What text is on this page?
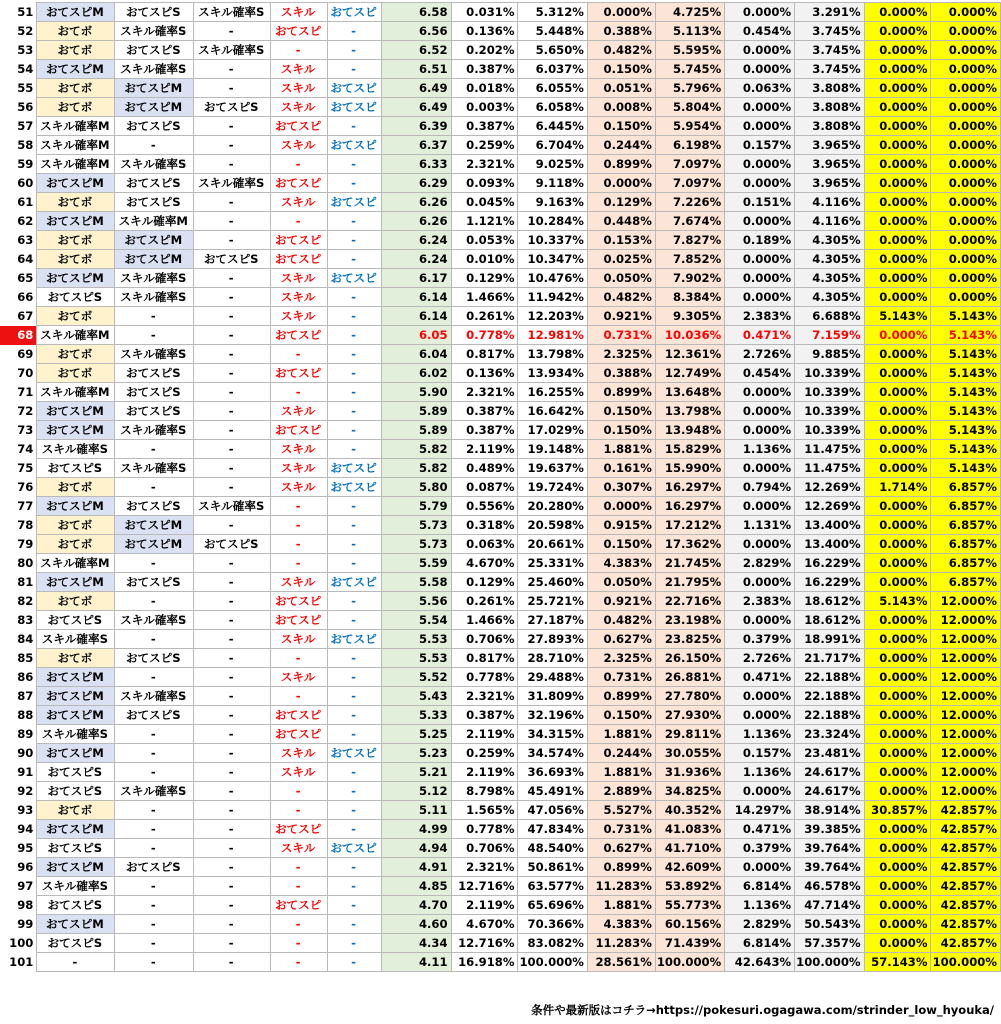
51	おてスピM	おてスピS	スキル確率S	スキル	おてスピ	6.58	0.031%	5.312%	0.000%	4.725%	0.000%	3.291%	0.000%	0.000%
52	おてボ	スキル確率S	-	おてスピ	-	6.56	0.136%	5.448%	0.388%	5.113%	0.454%	3.745%	0.000%	0.000%
53	おてボ	おてスピS	スキル確率S	-	-	6.52	0.202%	5.650%	0.482%	5.595%	0.000%	3.745%	0.000%	0.000%
54	おてスピM	スキル確率S	-	スキル	-	6.51	0.387%	6.037%	0.150%	5.745%	0.000%	3.745%	0.000%	0.000%
55	おてボ	おてスピM	-	スキル	おてスピ	6.49	0.018%	6.055%	0.051%	5.796%	0.063%	3.808%	0.000%	0.000%
56	おてボ	おてスピM	おてスピS	スキル	おてスピ	6.49	0.003%	6.058%	0.008%	5.804%	0.000%	3.808%	0.000%	0.000%
57	スキル確率M	おてスピS	-	おてスピ	-	6.39	0.387%	6.445%	0.150%	5.954%	0.000%	3.808%	0.000%	0.000%
58	スキル確率M	-	-	スキル	おてスピ	6.37	0.259%	6.704%	0.244%	6.198%	0.157%	3.965%	0.000%	0.000%
59	スキル確率M	スキル確率S	-	-	-	6.33	2.321%	9.025%	0.899%	7.097%	0.000%	3.965%	0.000%	0.000%
60	おてスピM	おてスピS	スキル確率S	おてスピ	-	6.29	0.093%	9.118%	0.000%	7.097%	0.000%	3.965%	0.000%	0.000%
61	おてボ	おてスピS	-	スキル	おてスピ	6.26	0.045%	9.163%	0.129%	7.226%	0.151%	4.116%	0.000%	0.000%
62	おてスピM	スキル確率M	-	-	-	6.26	1.121%	10.284%	0.448%	7.674%	0.000%	4.116%	0.000%	0.000%
63	おてボ	おてスピM	-	おてスピ	-	6.24	0.053%	10.337%	0.153%	7.827%	0.189%	4.305%	0.000%	0.000%
64	おてボ	おてスピM	おてスピS	おてスピ	-	6.24	0.010%	10.347%	0.025%	7.852%	0.000%	4.305%	0.000%	0.000%
65	おてスピM	スキル確率S	-	スキル	おてスピ	6.17	0.129%	10.476%	0.050%	7.902%	0.000%	4.305%	0.000%	0.000%
66	おてスピS	スキル確率S	-	スキル	-	6.14	1.466%	11.942%	0.482%	8.384%	0.000%	4.305%	0.000%	0.000%
67	おてボ	-	-	スキル	-	6.14	0.261%	12.203%	0.921%	9.305%	2.383%	6.688%	5.143%	5.143%
68	スキル確率M	-	-	おてスピ	-	6.05	0.778%	12.981%	0.731%	10.036%	0.471%	7.159%	0.000%	5.143%
69	おてボ	スキル確率S	-	-	-	6.04	0.817%	13.798%	2.325%	12.361%	2.726%	9.885%	0.000%	5.143%
70	おてボ	おてスピS	-	おてスピ	-	6.02	0.136%	13.934%	0.388%	12.749%	0.454%	10.339%	0.000%	5.143%
71	スキル確率M	おてスピS	-	-	-	5.90	2.321%	16.255%	0.899%	13.648%	0.000%	10.339%	0.000%	5.143%
72	おてスピM	おてスピS	-	スキル	-	5.89	0.387%	16.642%	0.150%	13.798%	0.000%	10.339%	0.000%	5.143%
73	おてスピM	スキル確率S	-	おてスピ	-	5.89	0.387%	17.029%	0.150%	13.948%	0.000%	10.339%	0.000%	5.143%
74	スキル確率S	-	-	スキル	-	5.82	2.119%	19.148%	1.881%	15.829%	1.136%	11.475%	0.000%	5.143%
75	おてスピS	スキル確率S	-	スキル	おてスピ	5.82	0.489%	19.637%	0.161%	15.990%	0.000%	11.475%	0.000%	5.143%
76	おてボ	-	-	スキル	おてスピ	5.80	0.087%	19.724%	0.307%	16.297%	0.794%	12.269%	1.714%	6.857%
77	おてスピM	おてスピS	スキル確率S	-	-	5.79	0.556%	20.280%	0.000%	16.297%	0.000%	12.269%	0.000%	6.857%
78	おてボ	おてスピM	-	-	-	5.73	0.318%	20.598%	0.915%	17.212%	1.131%	13.400%	0.000%	6.857%
79	おてボ	おてスピM	おてスピS	-	-	5.73	0.063%	20.661%	0.150%	17.362%	0.000%	13.400%	0.000%	6.857%
80	スキル確率M	-	-	-	-	5.59	4.670%	25.331%	4.383%	21.745%	2.829%	16.229%	0.000%	6.857%
81	おてスピM	おてスピS	-	スキル	おてスピ	5.58	0.129%	25.460%	0.050%	21.795%	0.000%	16.229%	0.000%	6.857%
82	おてボ	-	-	おてスピ	-	5.56	0.261%	25.721%	0.921%	22.716%	2.383%	18.612%	5.143%	12.000%
83	おてスピS	スキル確率S	-	おてスピ	-	5.54	1.466%	27.187%	0.482%	23.198%	0.000%	18.612%	0.000%	12.000%
84	スキル確率S	-	-	スキル	おてスピ	5.53	0.706%	27.893%	0.627%	23.825%	0.379%	18.991%	0.000%	12.000%
85	おてボ	おてスピS	-	-	-	5.53	0.817%	28.710%	2.325%	26.150%	2.726%	21.717%	0.000%	12.000%
86	おてスピM	-	-	スキル	-	5.52	0.778%	29.488%	0.731%	26.881%	0.471%	22.188%	0.000%	12.000%
87	おてスピM	スキル確率S	-	-	-	5.43	2.321%	31.809%	0.899%	27.780%	0.000%	22.188%	0.000%	12.000%
88	おてスピM	おてスピS	-	おてスピ	-	5.33	0.387%	32.196%	0.150%	27.930%	0.000%	22.188%	0.000%	12.000%
89	スキル確率S	-	-	おてスピ	-	5.25	2.119%	34.315%	1.881%	29.811%	1.136%	23.324%	0.000%	12.000%
90	おてスピM	-	-	スキル	おてスピ	5.23	0.259%	34.574%	0.244%	30.055%	0.157%	23.481%	0.000%	12.000%
91	おてスピS	-	-	スキル	-	5.21	2.119%	36.693%	1.881%	31.936%	1.136%	24.617%	0.000%	12.000%
92	おてスピS	スキル確率S	-	-	-	5.12	8.798%	45.491%	2.889%	34.825%	0.000%	24.617%	0.000%	12.000%
93	おてボ	-	-	-	-	5.11	1.565%	47.056%	5.527%	40.352%	14.297%	38.914%	30.857%	42.857%
94	おてスピM	-	-	おてスピ	-	4.99	0.778%	47.834%	0.731%	41.083%	0.471%	39.385%	0.000%	42.857%
95	おてスピS	-	-	スキル	おてスピ	4.94	0.706%	48.540%	0.627%	41.710%	0.379%	39.764%	0.000%	42.857%
96	おてスピM	おてスピS	-	-	-	4.91	2.321%	50.861%	0.899%	42.609%	0.000%	39.764%	0.000%	42.857%
97	スキル確率S	-	-	-	-	4.85	12.716%	63.577%	11.283%	53.892%	6.814%	46.578%	0.000%	42.857%
98	おてスピS	-	-	おてスピ	-	4.70	2.119%	65.696%	1.881%	55.773%	1.136%	47.714%	0.000%	42.857%
99	おてスピM	-	-	-	-	4.60	4.670%	70.366%	4.383%	60.156%	2.829%	50.543%	0.000%	42.857%
100	おてスピS	-	-	-	-	4.34	12.716%	83.082%	11.283%	71.439%	6.814%	57.357%	0.000%	42.857%
101	-	-	-	-	-	4.11	16.918%	100.000%	28.561%	100.000%	42.643%	100.000%	57.143%	100.000%
条件や最新版はコチラ→https://pokesuri.ogagawa.com/strinder_low_hyouka/
